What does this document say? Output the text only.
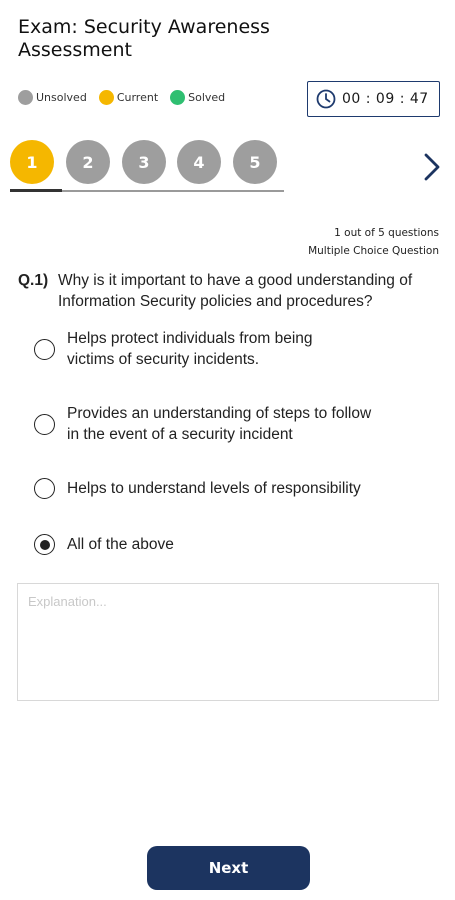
Exam: Security Awareness Assessment
Unsolved	Current	Solved	00 : 09 : 47
1	2	3	4	5
1 out of 5 questions
Multiple Choice Question
Q.1) Why is it important to have a good understanding of Information Security policies and procedures?
Helps protect individuals from being victims of security incidents.
Provides an understanding of steps to follow in the event of a security incident
Helps to understand levels of responsibility
All of the above
Explanation...
Next
